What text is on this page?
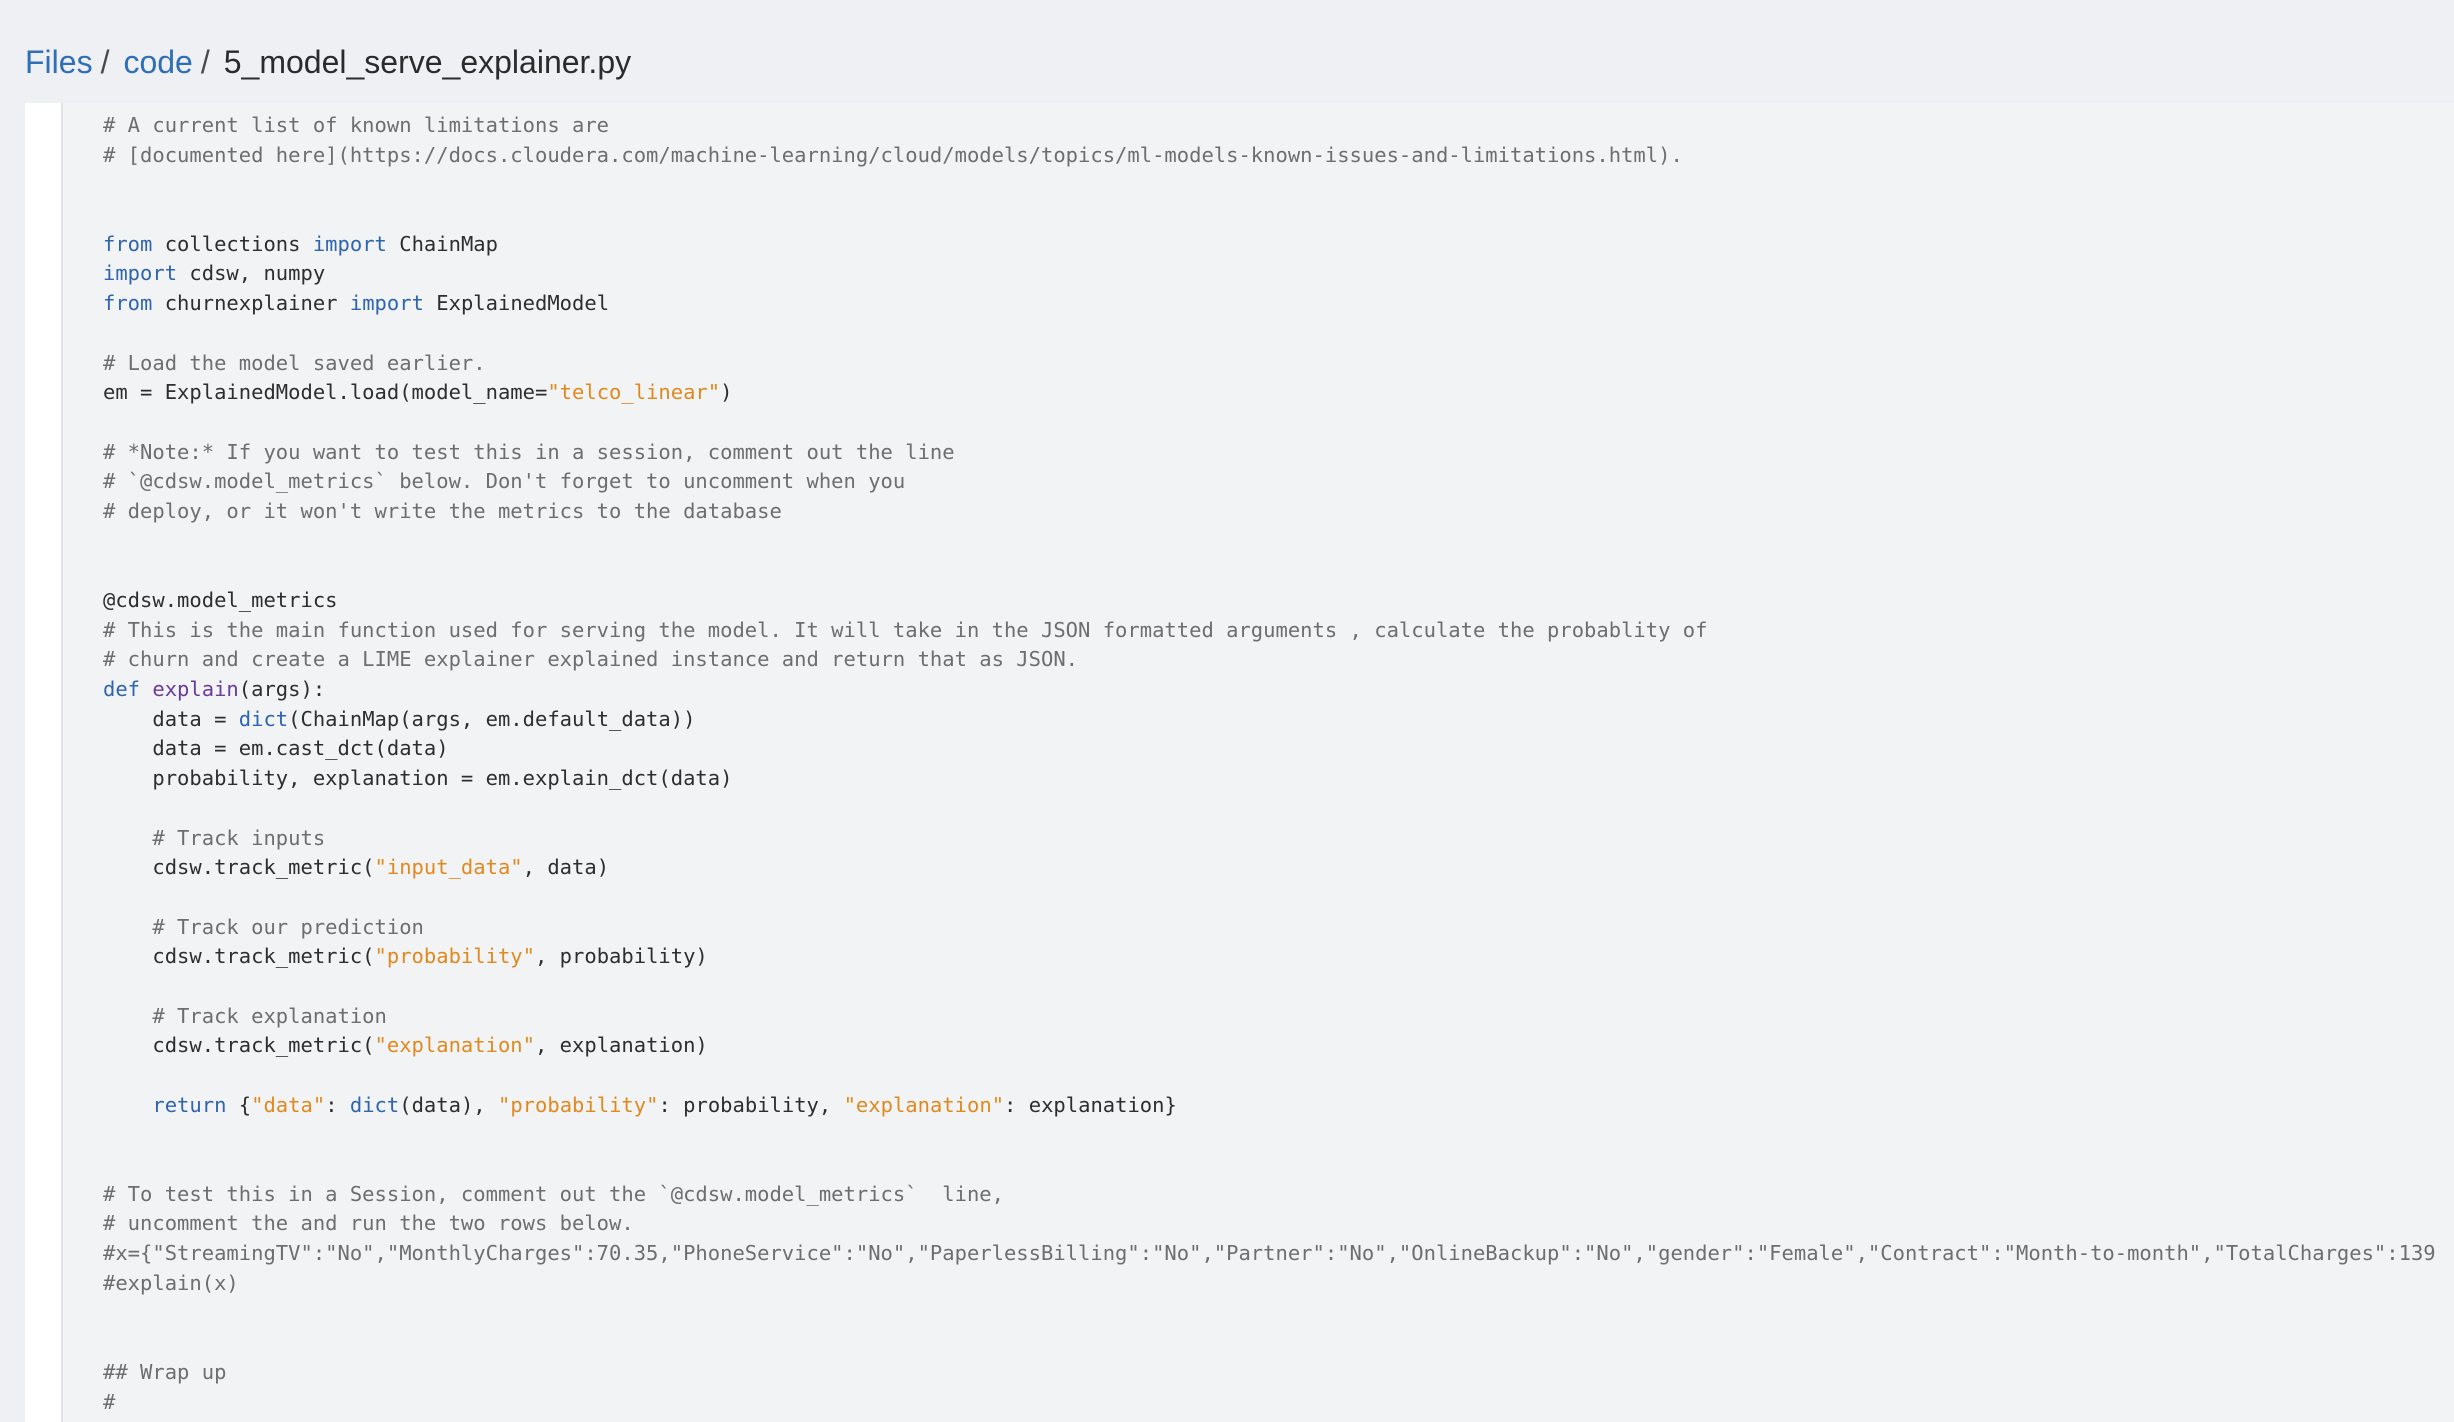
Files / code / 5_model_serve_explainer.py
# A current list of known limitations are
# [documented here](https://docs.cloudera.com/machine-learning/cloud/models/topics/ml-models-known-issues-and-limitations.html).
from collections import ChainMap
import cdsw, numpy
from churnexplainer import ExplainedModel
# Load the model saved earlier.
em = ExplainedModel.load(model_name="telco_linear")
# *Note:* If you want to test this in a session, comment out the line
# `@cdsw.model_metrics` below. Don't forget to uncomment when you
# deploy, or it won't write the metrics to the database
@cdsw.model_metrics
# This is the main function used for serving the model. It will take in the JSON formatted arguments , calculate the probablity of
# churn and create a LIME explainer explained instance and return that as JSON.
def explain(args):
data = dict(ChainMap(args, em.default_data))
data = em.cast_dct(data)
probability, explanation = em.explain_dct(data)
# Track inputs
cdsw.track_metric("input_data", data)
# Track our prediction
cdsw.track_metric("probability", probability)
# Track explanation
cdsw.track_metric("explanation", explanation)
return {"data": dict(data), "probability": probability, "explanation": explanation}
# To test this in a Session, comment out the `@cdsw.model_metrics`  line,
# uncomment the and run the two rows below.
#x={"StreamingTV":"No","MonthlyCharges":70.35,"PhoneService":"No","PaperlessBilling":"No","Partner":"No","OnlineBackup":"No","gender":"Female","Contract":"Month-to-month","TotalCharges":139
#explain(x)
## Wrap up
#
